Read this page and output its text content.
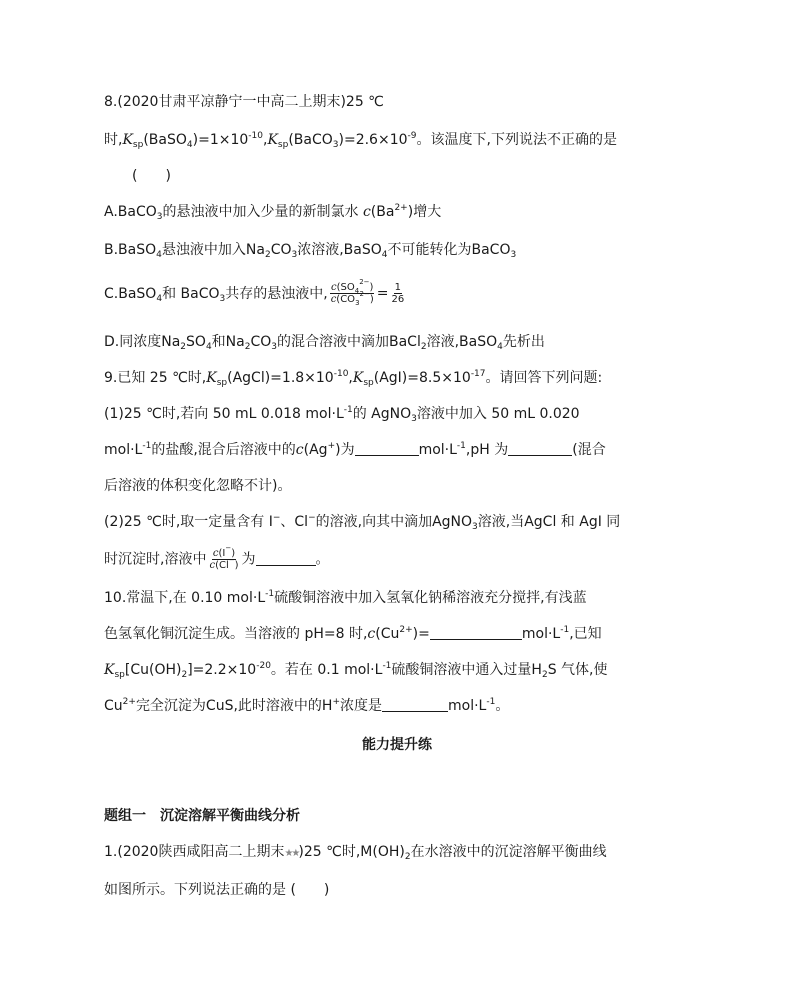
8.(2020甘肃平凉静宁一中高二上期末)25 ℃
时$,K_{sp}(BaSO_4)=1\times 10^{-10},K_{sp}(BaCO_3)=2.6\times 10^{-9}$。该温度下,下列说法不正确的是
(　　)
A.BaCO$_3$的悬浊液中加入少量的新制氯水 $c(Ba^{2+})$增大
B.BaSO$_4$悬浊液中加入$Na_2CO_3$浓溶液,BaSO$_4$不可能转化为BaCO$_3$
C.BaSO$_4$和 BaCO$_3$共存的悬浊液中, $\frac{c(SO_4^{2-})}{c(CO_3^{2-})} = \frac{1}{26}$
D.同浓度$Na_2SO_4$和$Na_2CO_3$的混合溶液中滴加BaCl$_2$溶液,BaSO$_4$先析出
9.已知 25 ℃时$,K_{sp}(AgCl)=1.8\times 10^{-10},K_{sp}(AgI)=8.5\times 10^{-17}$。请回答下列问题:
(1)25 ℃时,若向 50 mL 0.018 $mol\cdot L^{-1}$的 AgNO$_3$溶液中加入 50 mL 0.020
$mol\cdot L^{-1}$的盐酸,混合后溶液中的c(Ag+)为	$mol\cdot L^{-1},pH$ 为	(混合
后溶液的体积变化忽略不计)。
(2)25 ℃时,取一定量含有 I−、Cl−的溶液,向其中滴加AgNO$_3$溶液,当AgCl 和 AgI 同
时沉淀时,溶液中 $\frac{c(I^-)}{c(Cl^-)}$ 为	。
10.常温下,在 0.10 $mol\cdot L^{-1}$硫酸铜溶液中加入氢氧化钠稀溶液充分搅拌,有浅蓝
色氢氧化铜沉淀生成。当溶液的 pH=8 时$,c(Cu^{2+})=$	$mol\cdot L^{-1}$,已知
$K_{sp}[Cu(OH)_2]=2.2\times 10^{-20}$。若在 0.1 $mol\cdot L^{-1}$硫酸铜溶液中通入过量$H_2S$ 气体,使
$Cu^{2+}$完全沉淀为CuS,此时溶液中的H+浓度是	$mol\cdot L^{-1}$。
能力提升练
题组一　沉淀溶解平衡曲线分析
1.(2020陕西咸阳高二上期末★★)25 ℃时$,M(OH)_2$在水溶液中的沉淀溶解平衡曲线
如图所示。下列说法正确的是 (　　)
